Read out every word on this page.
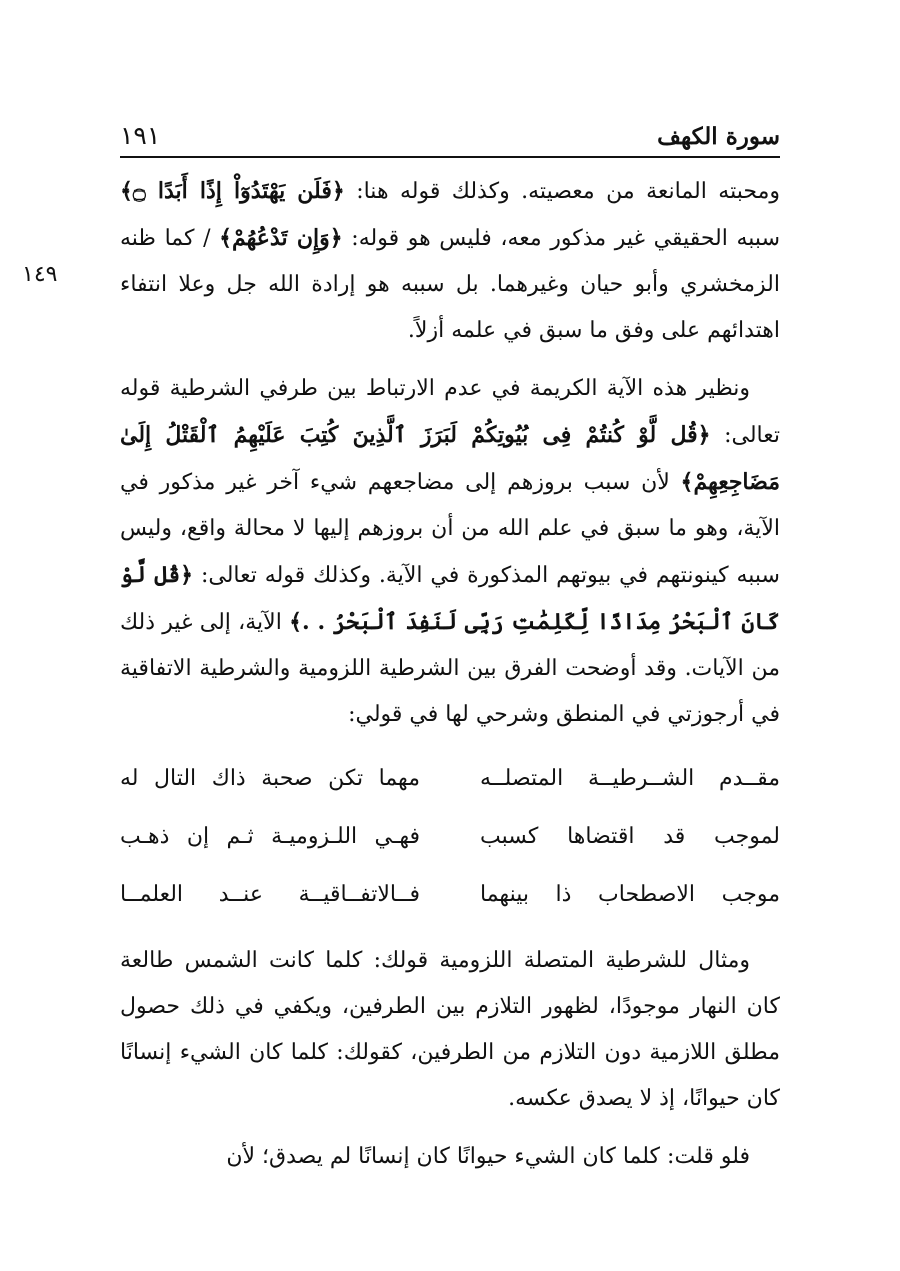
سورة الكهف
١٩١
١٤٩
ومحبته المانعة من معصيته. وكذلك قوله هنا: ﴿فَلَن يَهْتَدُوٓاْ إِذًا أَبَدًا ۝﴾ سببه الحقيقي غير مذكور معه، فليس هو قوله: ﴿وَإِن تَدْعُهُمْ﴾ / كما ظنه الزمخشري وأبو حيان وغيرهما. بل سببه هو إرادة الله جل وعلا انتفاء اهتدائهم على وفق ما سبق في علمه أزلاً.
ونظير هذه الآية الكريمة في عدم الارتباط بين طرفي الشرطية قوله تعالى: ﴿قُل لَّوْ كُنتُمْ فِى بُيُوتِكُمْ لَبَرَزَ ٱلَّذِينَ كُتِبَ عَلَيْهِمُ ٱلْقَتْلُ إِلَىٰ مَضَاجِعِهِمْ﴾ لأن سبب بروزهم إلى مضاجعهم شيء آخر غير مذكور في الآية، وهو ما سبق في علم الله من أن بروزهم إليها لا محالة واقع، وليس سببه كينونتهم في بيوتهم المذكورة في الآية. وكذلك قوله تعالى: ﴿قُل لَّوْ كَانَ ٱلْبَحْرُ مِدَادًا لِّكَلِمَٰتِ رَبِّى لَنَفِدَ ٱلْبَحْرُ . .﴾ الآية، إلى غير ذلك من الآيات. وقد أوضحت الفرق بين الشرطية اللزومية والشرطية الاتفاقية في أرجوزتي في المنطق وشرحي لها في قولي:
مقــدم الشــرطيــة المتصلــه
مهما تكن صحبة ذاك التال له
لموجب قد اقتضاها كسبب
فهـي اللـزوميـة ثـم إن ذهـب
موجب الاصطحاب ذا بينهما
فــالاتفــاقيــة عنــد العلمــا
ومثال للشرطية المتصلة اللزومية قولك: كلما كانت الشمس طالعة كان النهار موجودًا، لظهور التلازم بين الطرفين، ويكفي في ذلك حصول مطلق اللازمية دون التلازم من الطرفين، كقولك: كلما كان الشيء إنسانًا كان حيوانًا، إذ لا يصدق عكسه.
فلو قلت: كلما كان الشيء حيوانًا كان إنسانًا لم يصدق؛ لأن
